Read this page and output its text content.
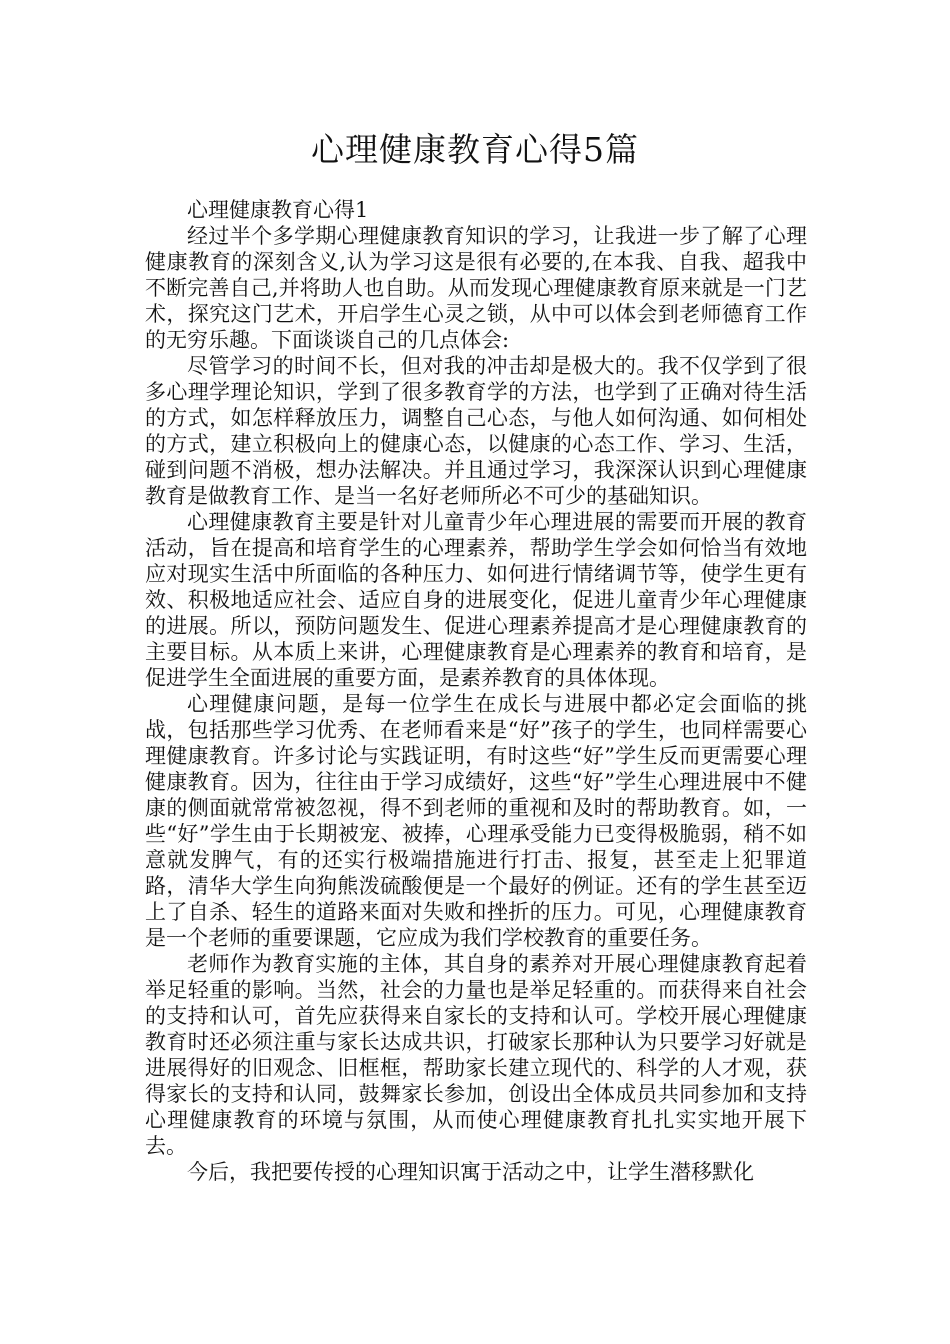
心理健康教育心得5篇

心理健康教育心得1

经过半个多学期心理健康教育知识的学习，让我进一步了解了心理健康教育的深刻含义,认为学习这是很有必要的,在本我、自我、超我中不断完善自己,并将助人也自助。从而发现心理健康教育原来就是一门艺术，探究这门艺术，开启学生心灵之锁，从中可以体会到老师德育工作的无穷乐趣。下面谈谈自己的几点体会:

尽管学习的时间不长，但对我的冲击却是极大的。我不仅学到了很多心理学理论知识，学到了很多教育学的方法，也学到了正确对待生活的方式，如怎样释放压力，调整自己心态，与他人如何沟通、如何相处的方式，建立积极向上的健康心态，以健康的心态工作、学习、生活，碰到问题不消极，想办法解决。并且通过学习，我深深认识到心理健康教育是做教育工作、是当一名好老师所必不可少的基础知识。

心理健康教育主要是针对儿童青少年心理进展的需要而开展的教育活动，旨在提高和培育学生的心理素养，帮助学生学会如何恰当有效地应对现实生活中所面临的各种压力、如何进行情绪调节等，使学生更有效、积极地适应社会、适应自身的进展变化，促进儿童青少年心理健康的进展。所以，预防问题发生、促进心理素养提高才是心理健康教育的主要目标。从本质上来讲，心理健康教育是心理素养的教育和培育，是促进学生全面进展的重要方面，是素养教育的具体体现。

心理健康问题，是每一位学生在成长与进展中都必定会面临的挑战，包括那些学习优秀、在老师看来是“好”孩子的学生，也同样需要心理健康教育。许多讨论与实践证明，有时这些“好”学生反而更需要心理健康教育。因为，往往由于学习成绩好，这些“好”学生心理进展中不健康的侧面就常常被忽视，得不到老师的重视和及时的帮助教育。如，一些“好”学生由于长期被宠、被捧，心理承受能力已变得极脆弱，稍不如意就发脾气，有的还实行极端措施进行打击、报复，甚至走上犯罪道路，清华大学生向狗熊泼硫酸便是一个最好的例证。还有的学生甚至迈上了自杀、轻生的道路来面对失败和挫折的压力。可见，心理健康教育是一个老师的重要课题，它应成为我们学校教育的重要任务。

老师作为教育实施的主体，其自身的素养对开展心理健康教育起着举足轻重的影响。当然，社会的力量也是举足轻重的。而获得来自社会的支持和认可，首先应获得来自家长的支持和认可。学校开展心理健康教育时还必须注重与家长达成共识，打破家长那种认为只要学习好就是进展得好的旧观念、旧框框，帮助家长建立现代的、科学的人才观，获得家长的支持和认同，鼓舞家长参加，创设出全体成员共同参加和支持心理健康教育的环境与氛围，从而使心理健康教育扎扎实实地开展下去。

今后，我把要传授的心理知识寓于活动之中，让学生潜移默化
